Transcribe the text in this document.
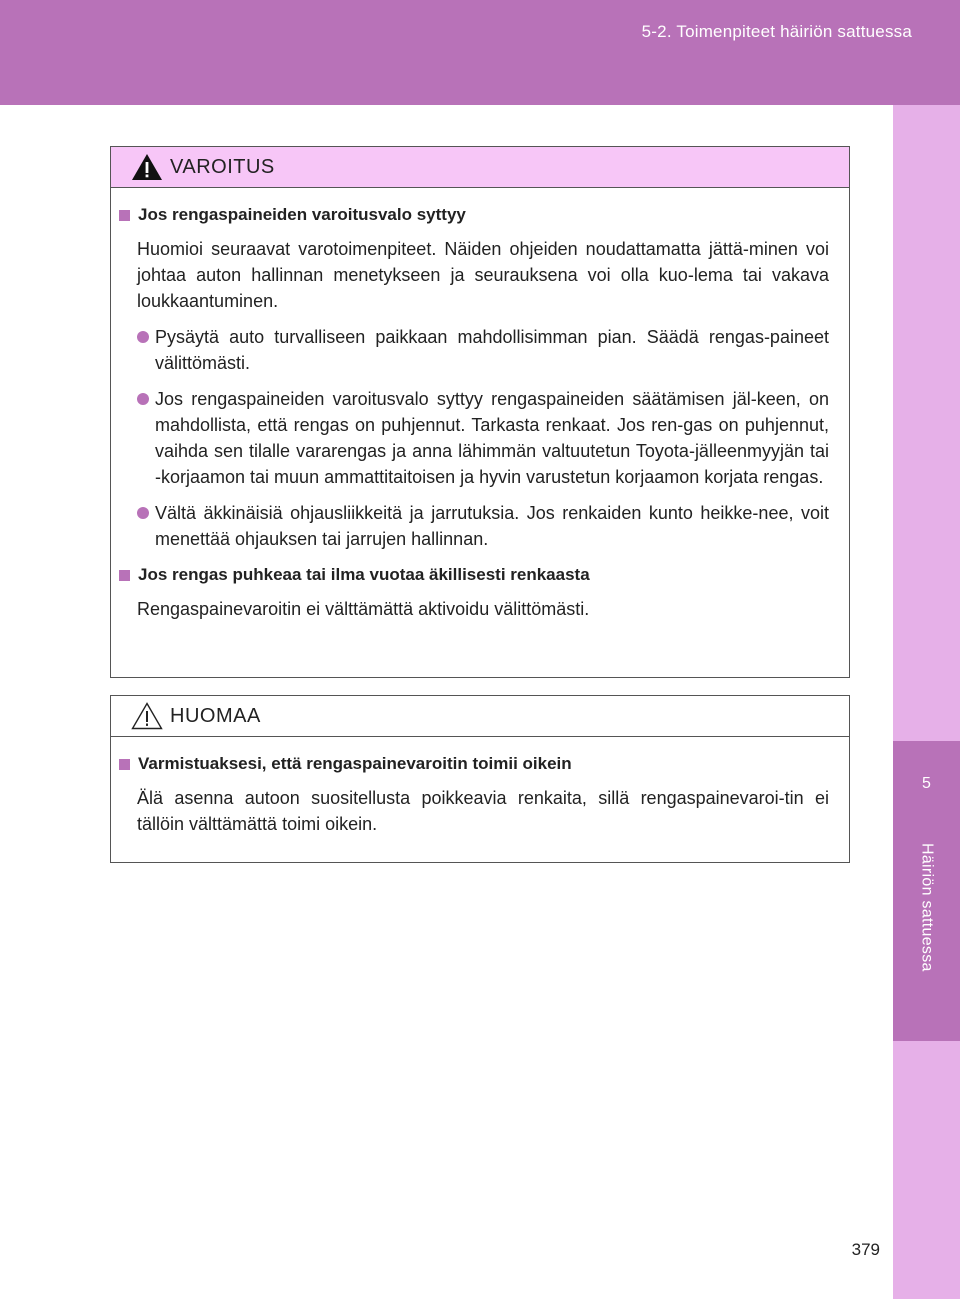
5-2. Toimenpiteet häiriön sattuessa
5
Häiriön sattuessa
VAROITUS
Jos rengaspaineiden varoitusvalo syttyy
Huomioi seuraavat varotoimenpiteet. Näiden ohjeiden noudattamatta jättä-minen voi johtaa auton hallinnan menetykseen ja seurauksena voi olla kuo-lema tai vakava loukkaantuminen.
Pysäytä auto turvalliseen paikkaan mahdollisimman pian. Säädä rengas-paineet välittömästi.
Jos rengaspaineiden varoitusvalo syttyy rengaspaineiden säätämisen jäl-keen, on mahdollista, että rengas on puhjennut. Tarkasta renkaat. Jos ren-gas on puhjennut, vaihda sen tilalle vararengas ja anna lähimmän valtuutetun Toyota-jälleenmyyjän tai -korjaamon tai muun ammattitaitoisen ja hyvin varustetun korjaamon korjata rengas.
Vältä äkkinäisiä ohjausliikkeitä ja jarrutuksia. Jos renkaiden kunto heikke-nee, voit menettää ohjauksen tai jarrujen hallinnan.
Jos rengas puhkeaa tai ilma vuotaa äkillisesti renkaasta
Rengaspainevaroitin ei välttämättä aktivoidu välittömästi.
HUOMAA
Varmistuaksesi, että rengaspainevaroitin toimii oikein
Älä asenna autoon suositellusta poikkeavia renkaita, sillä rengaspainevaroi-tin ei tällöin välttämättä toimi oikein.
379
